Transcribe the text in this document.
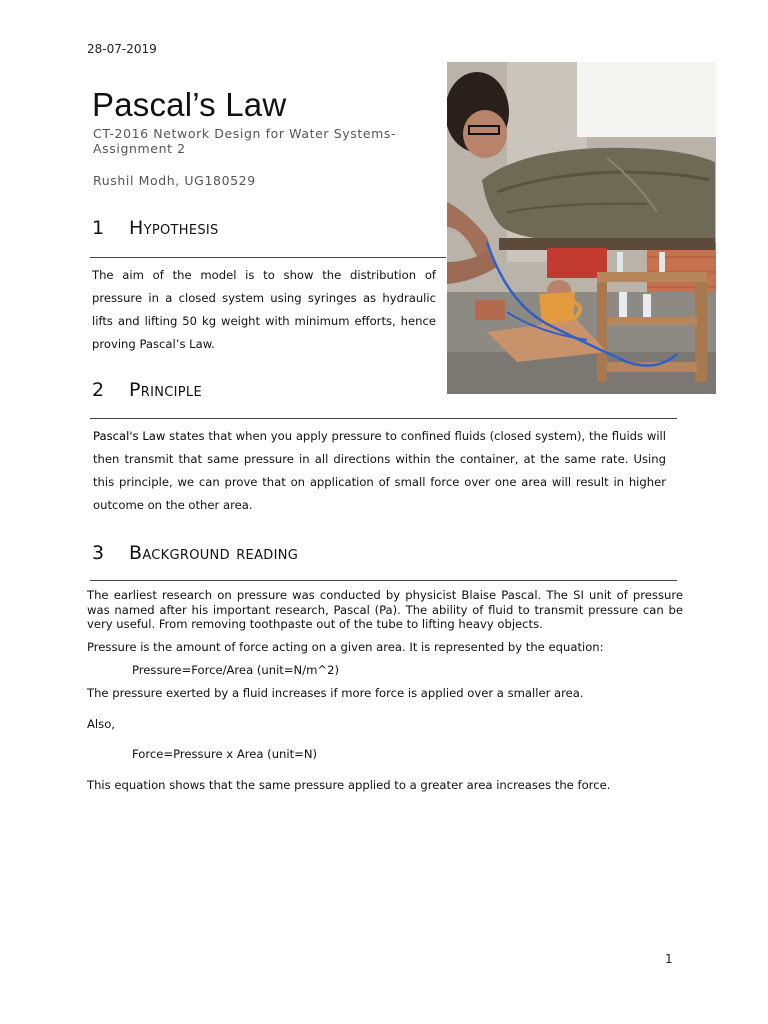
28-07-2019
Pascal’s Law
CT-2016 Network Design for Water Systems-Assignment 2
Rushil Modh, UG180529
1	Hypothesis

The aim of the model is to show the distribution of pressure in a closed system using syringes as hydraulic lifts and lifting 50 kg weight with minimum efforts, hence proving Pascal’s Law.

2	Principle

Pascal's Law states that when you apply pressure to confined fluids (closed system), the fluids will then transmit that same pressure in all directions within the container, at the same rate. Using this principle, we can prove that on application of small force over one area will result in higher outcome on the other area.

3	Background reading

The earliest research on pressure was conducted by physicist Blaise Pascal. The SI unit of pressure was named after his important research, Pascal (Pa). The ability of fluid to transmit pressure can be very useful. From removing toothpaste out of the tube to lifting heavy objects.

Pressure is the amount of force acting on a given area. It is represented by the equation:

Pressure=Force/Area (unit=N/m^2)

The pressure exerted by a fluid increases if more force is applied over a smaller area.

Also,

Force=Pressure x Area (unit=N)

This equation shows that the same pressure applied to a greater area increases the force.

1
